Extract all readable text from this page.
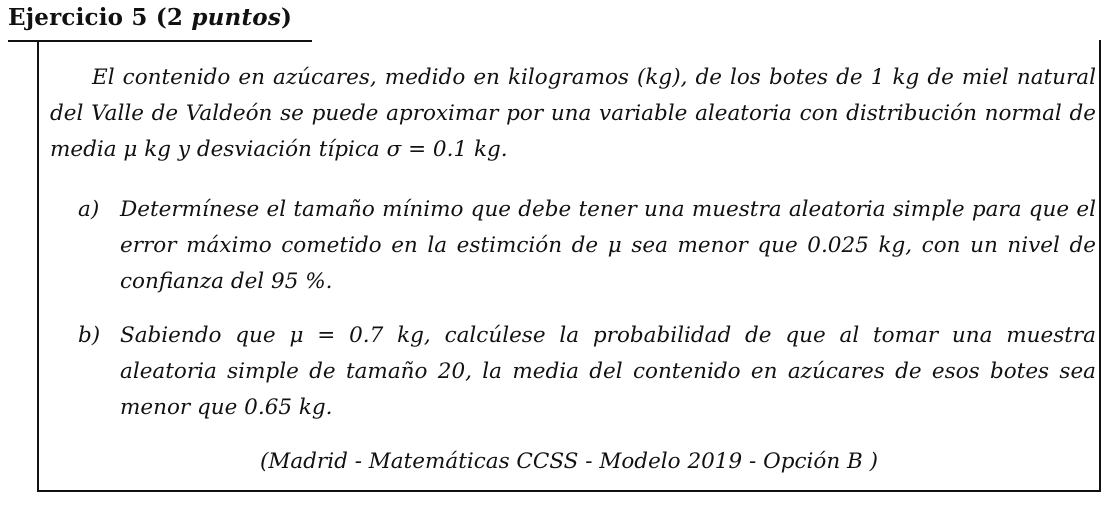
Ejercicio 5 (2 puntos)

El contenido en azúcares, medido en kilogramos (kg), de los botes de 1 kg de miel natural del Valle de Valdeón se puede aproximar por una variable aleatoria con distribución normal de media μ kg y desviación típica σ = 0.1 kg.

a) Determínese el tamaño mínimo que debe tener una muestra aleatoria simple para que el error máximo cometido en la estimción de μ sea menor que 0.025 kg, con un nivel de confianza del 95 %.

b) Sabiendo que μ = 0.7 kg, calcúlese la probabilidad de que al tomar una muestra aleatoria simple de tamaño 20, la media del contenido en azúcares de esos botes sea menor que 0.65 kg.

(Madrid - Matemáticas CCSS - Modelo 2019 - Opción B )
